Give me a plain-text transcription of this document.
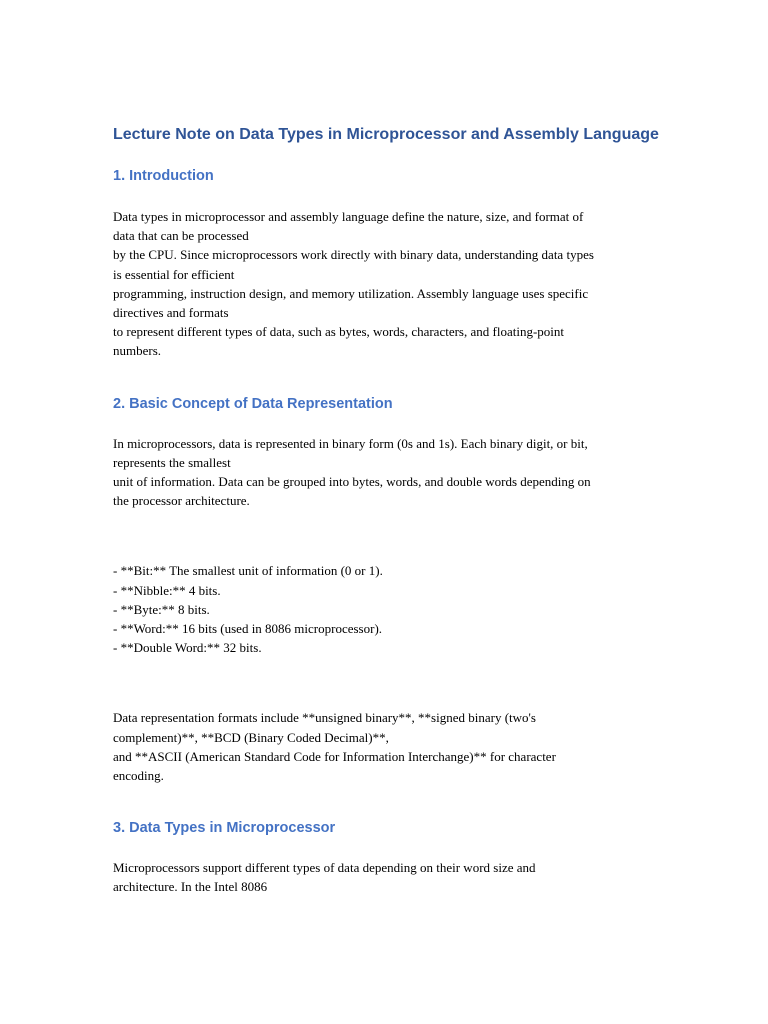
Lecture Note on Data Types in Microprocessor and Assembly Language
1. Introduction
Data types in microprocessor and assembly language define the nature, size, and format of
data that can be processed
by the CPU. Since microprocessors work directly with binary data, understanding data types
is essential for efficient
programming, instruction design, and memory utilization. Assembly language uses specific
directives and formats
to represent different types of data, such as bytes, words, characters, and floating-point
numbers.
2. Basic Concept of Data Representation
In microprocessors, data is represented in binary form (0s and 1s). Each binary digit, or bit,
represents the smallest
unit of information. Data can be grouped into bytes, words, and double words depending on
the processor architecture.
- **Bit:** The smallest unit of information (0 or 1).
- **Nibble:** 4 bits.
- **Byte:** 8 bits.
- **Word:** 16 bits (used in 8086 microprocessor).
- **Double Word:** 32 bits.
Data representation formats include **unsigned binary**, **signed binary (two's
complement)**, **BCD (Binary Coded Decimal)**,
and **ASCII (American Standard Code for Information Interchange)** for character
encoding.
3. Data Types in Microprocessor
Microprocessors support different types of data depending on their word size and
architecture. In the Intel 8086
